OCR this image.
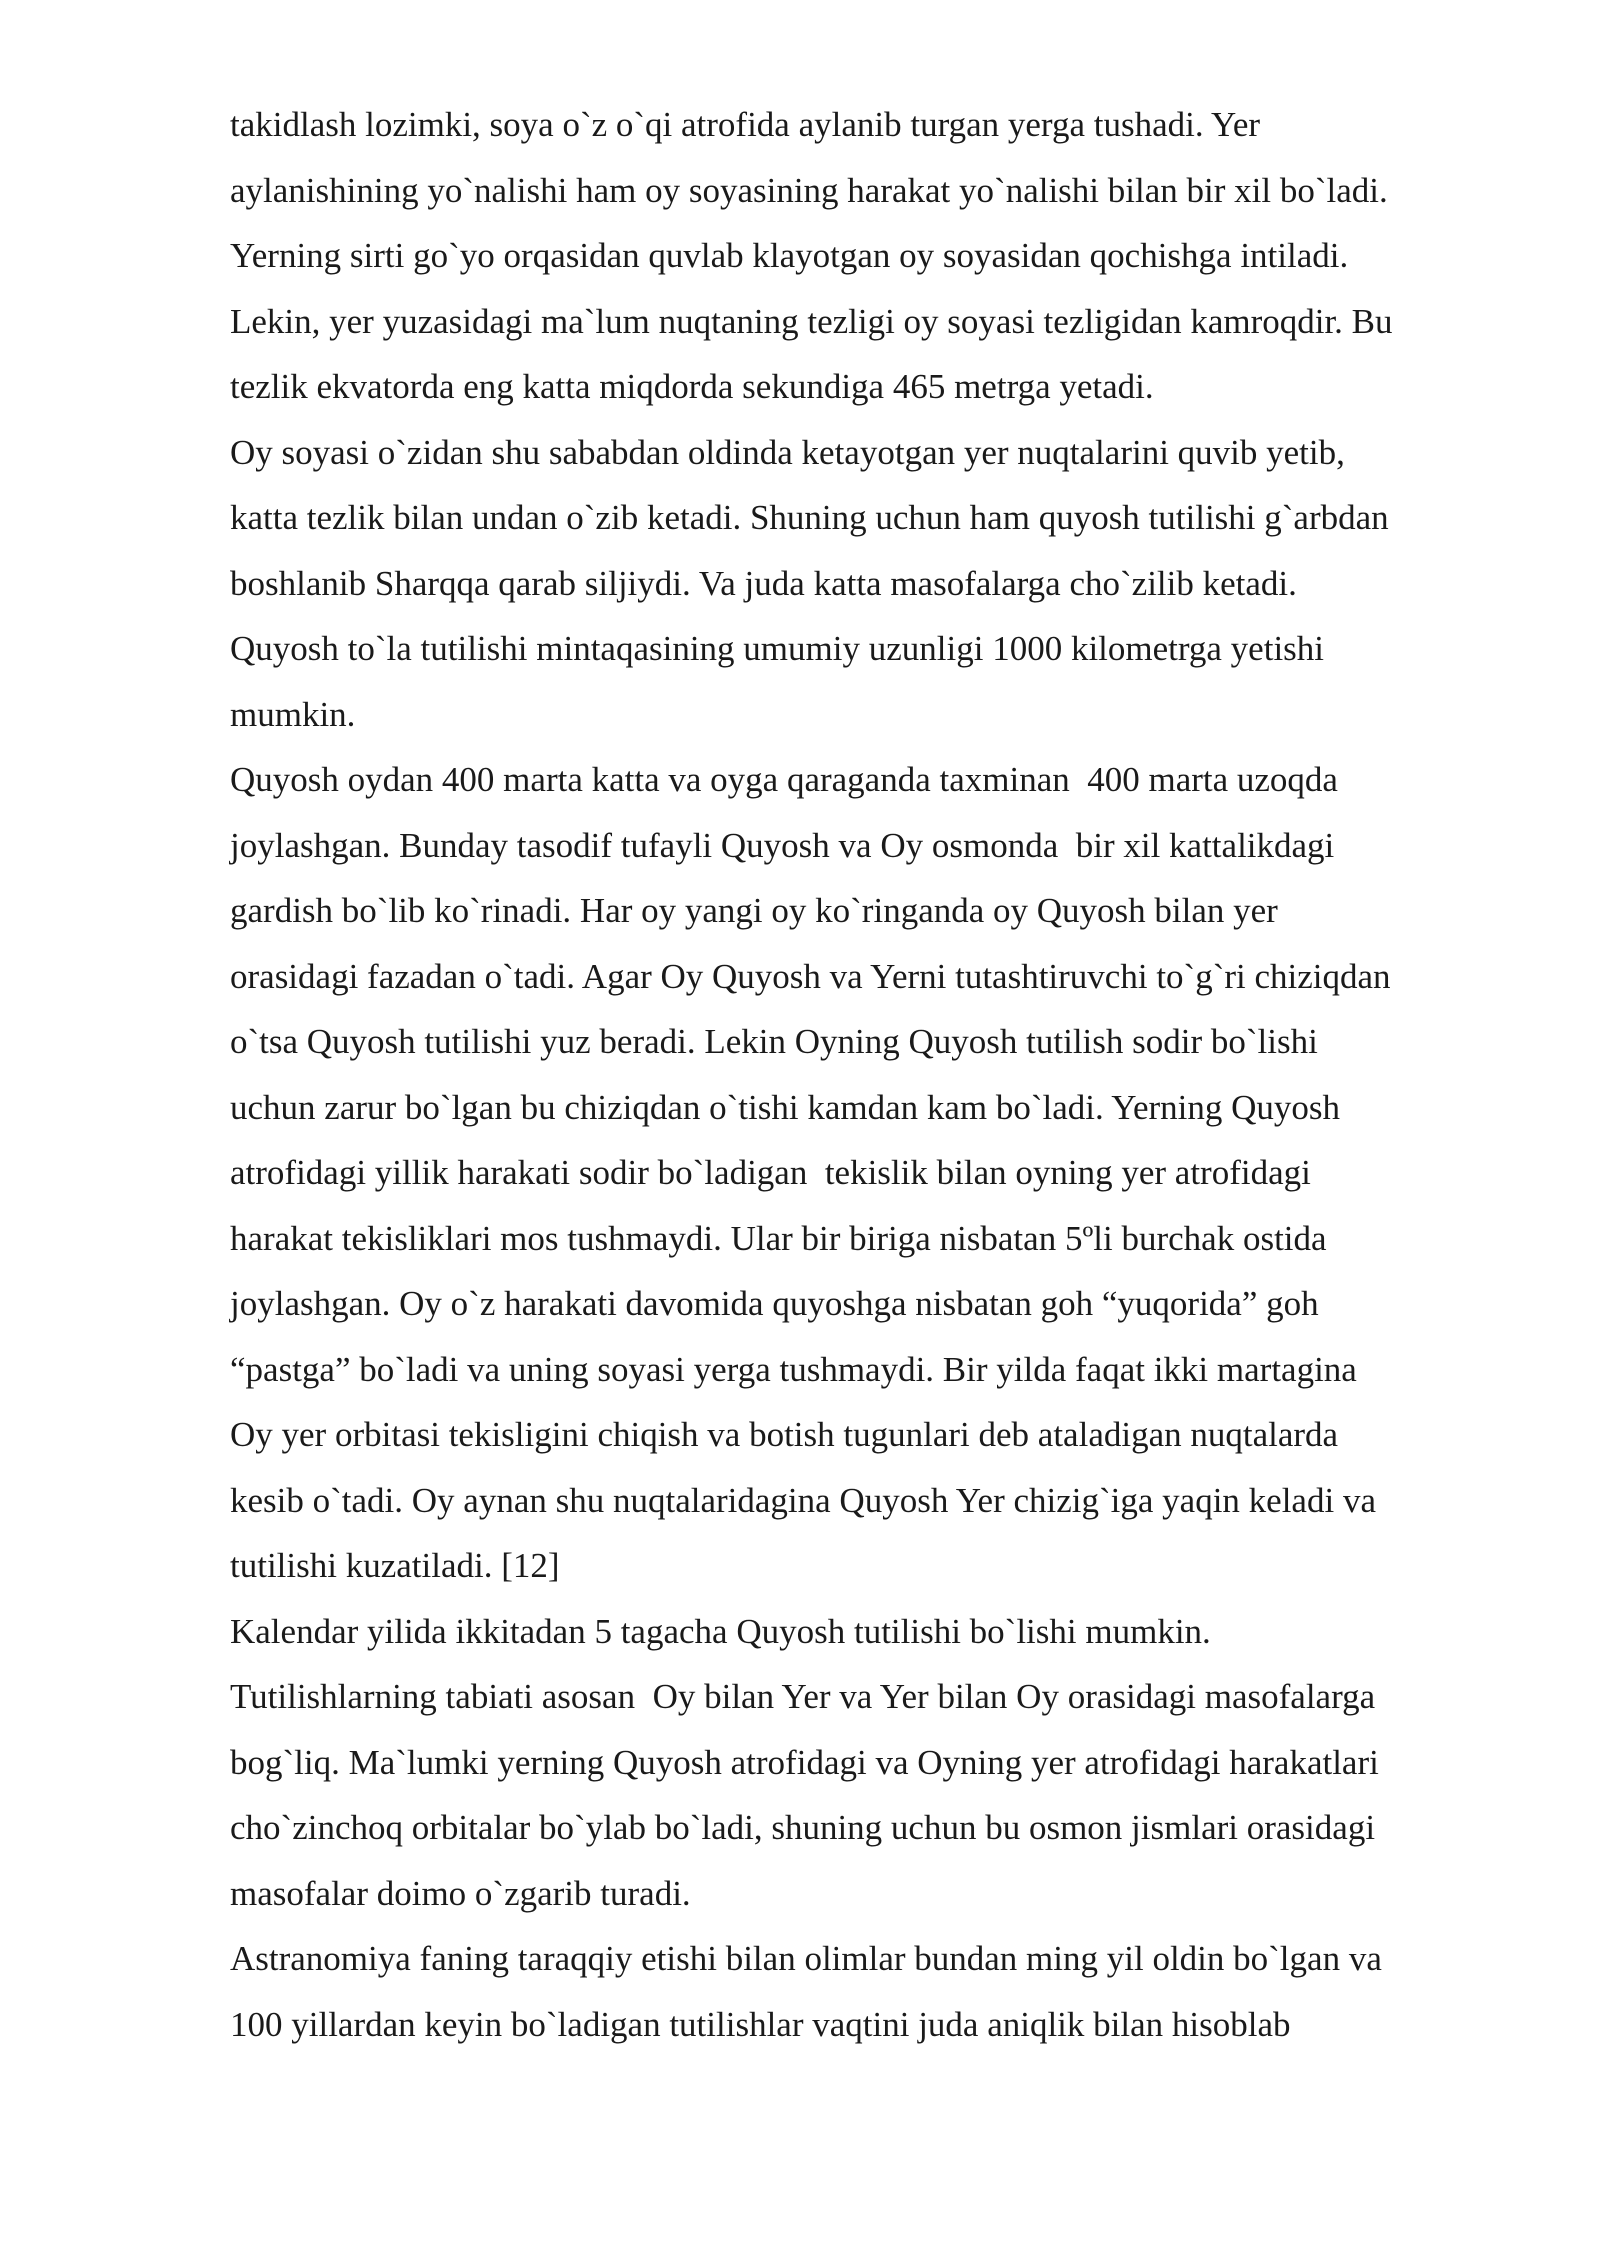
takidlash lozimki, soya o`z o`qi atrofida aylanib turgan yerga tushadi. Yer
aylanishining yo`nalishi ham oy soyasining harakat yo`nalishi bilan bir xil bo`ladi.
Yerning sirti go`yo orqasidan quvlab klayotgan oy soyasidan qochishga intiladi.
Lekin, yer yuzasidagi ma`lum nuqtaning tezligi oy soyasi tezligidan kamroqdir. Bu
tezlik ekvatorda eng katta miqdorda sekundiga 465 metrga yetadi.

Oy soyasi o`zidan shu sababdan oldinda ketayotgan yer nuqtalarini quvib yetib,
katta tezlik bilan undan o`zib ketadi. Shuning uchun ham quyosh tutilishi g`arbdan
boshlanib Sharqqa qarab siljiydi. Va juda katta masofalarga cho`zilib ketadi.
Quyosh to`la tutilishi mintaqasining umumiy uzunligi 1000 kilometrga yetishi
mumkin.

Quyosh oydan 400 marta katta va oyga qaraganda taxminan  400 marta uzoqda
joylashgan. Bunday tasodif tufayli Quyosh va Oy osmonda  bir xil kattalikdagi
gardish bo`lib ko`rinadi. Har oy yangi oy ko`ringanda oy Quyosh bilan yer
orasidagi fazadan o`tadi. Agar Oy Quyosh va Yerni tutashtiruvchi to`g`ri chiziqdan
o`tsa Quyosh tutilishi yuz beradi. Lekin Oyning Quyosh tutilish sodir bo`lishi
uchun zarur bo`lgan bu chiziqdan o`tishi kamdan kam bo`ladi. Yerning Quyosh
atrofidagi yillik harakati sodir bo`ladigan  tekislik bilan oyning yer atrofidagi
harakat tekisliklari mos tushmaydi. Ular bir biriga nisbatan 5ºli burchak ostida
joylashgan. Oy o`z harakati davomida quyoshga nisbatan goh “yuqorida” goh
“pastga” bo`ladi va uning soyasi yerga tushmaydi. Bir yilda faqat ikki martagina
Oy yer orbitasi tekisligini chiqish va botish tugunlari deb ataladigan nuqtalarda
kesib o`tadi. Oy aynan shu nuqtalaridagina Quyosh Yer chizig`iga yaqin keladi va
tutilishi kuzatiladi. [12]

Kalendar yilida ikkitadan 5 tagacha Quyosh tutilishi bo`lishi mumkin.
Tutilishlarning tabiati asosan  Oy bilan Yer va Yer bilan Oy orasidagi masofalarga
bog`liq. Ma`lumki yerning Quyosh atrofidagi va Oyning yer atrofidagi harakatlari
cho`zinchoq orbitalar bo`ylab bo`ladi, shuning uchun bu osmon jismlari orasidagi
masofalar doimo o`zgarib turadi.

Astranomiya faning taraqqiy etishi bilan olimlar bundan ming yil oldin bo`lgan va
100 yillardan keyin bo`ladigan tutilishlar vaqtini juda aniqlik bilan hisoblab
